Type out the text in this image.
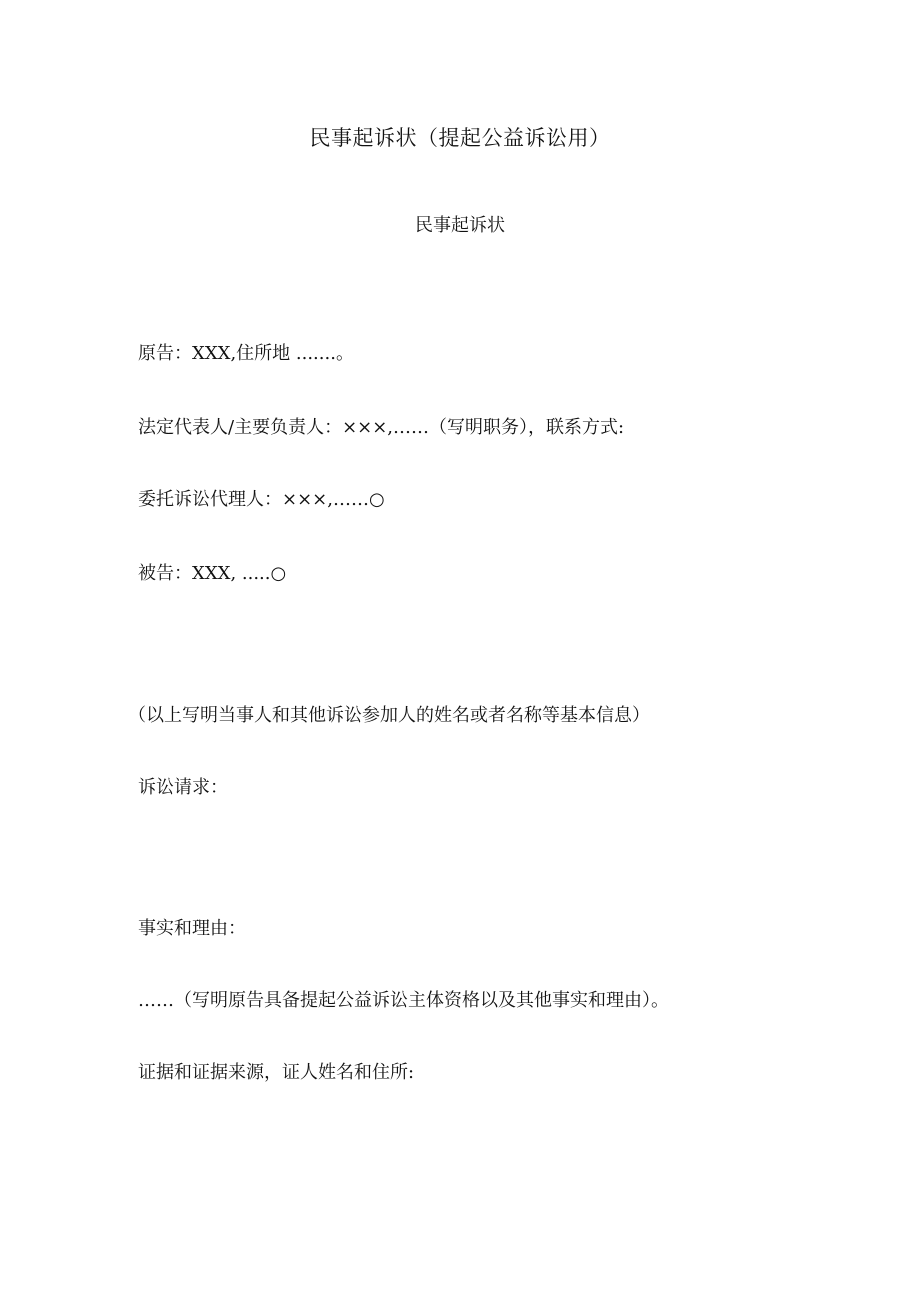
民事起诉状（提起公益诉讼用）
民事起诉状
原告：XXX,住所地 .......。
法定代表人/主要负责人：×××,……（写明职务），联系方式:
委托诉讼代理人：×××,……○
被告：XXX, .....○
（以上写明当事人和其他诉讼参加人的姓名或者名称等基本信息）
诉讼请求：
事实和理由：
……（写明原告具备提起公益诉讼主体资格以及其他事实和理由）。
证据和证据来源，证人姓名和住所:
